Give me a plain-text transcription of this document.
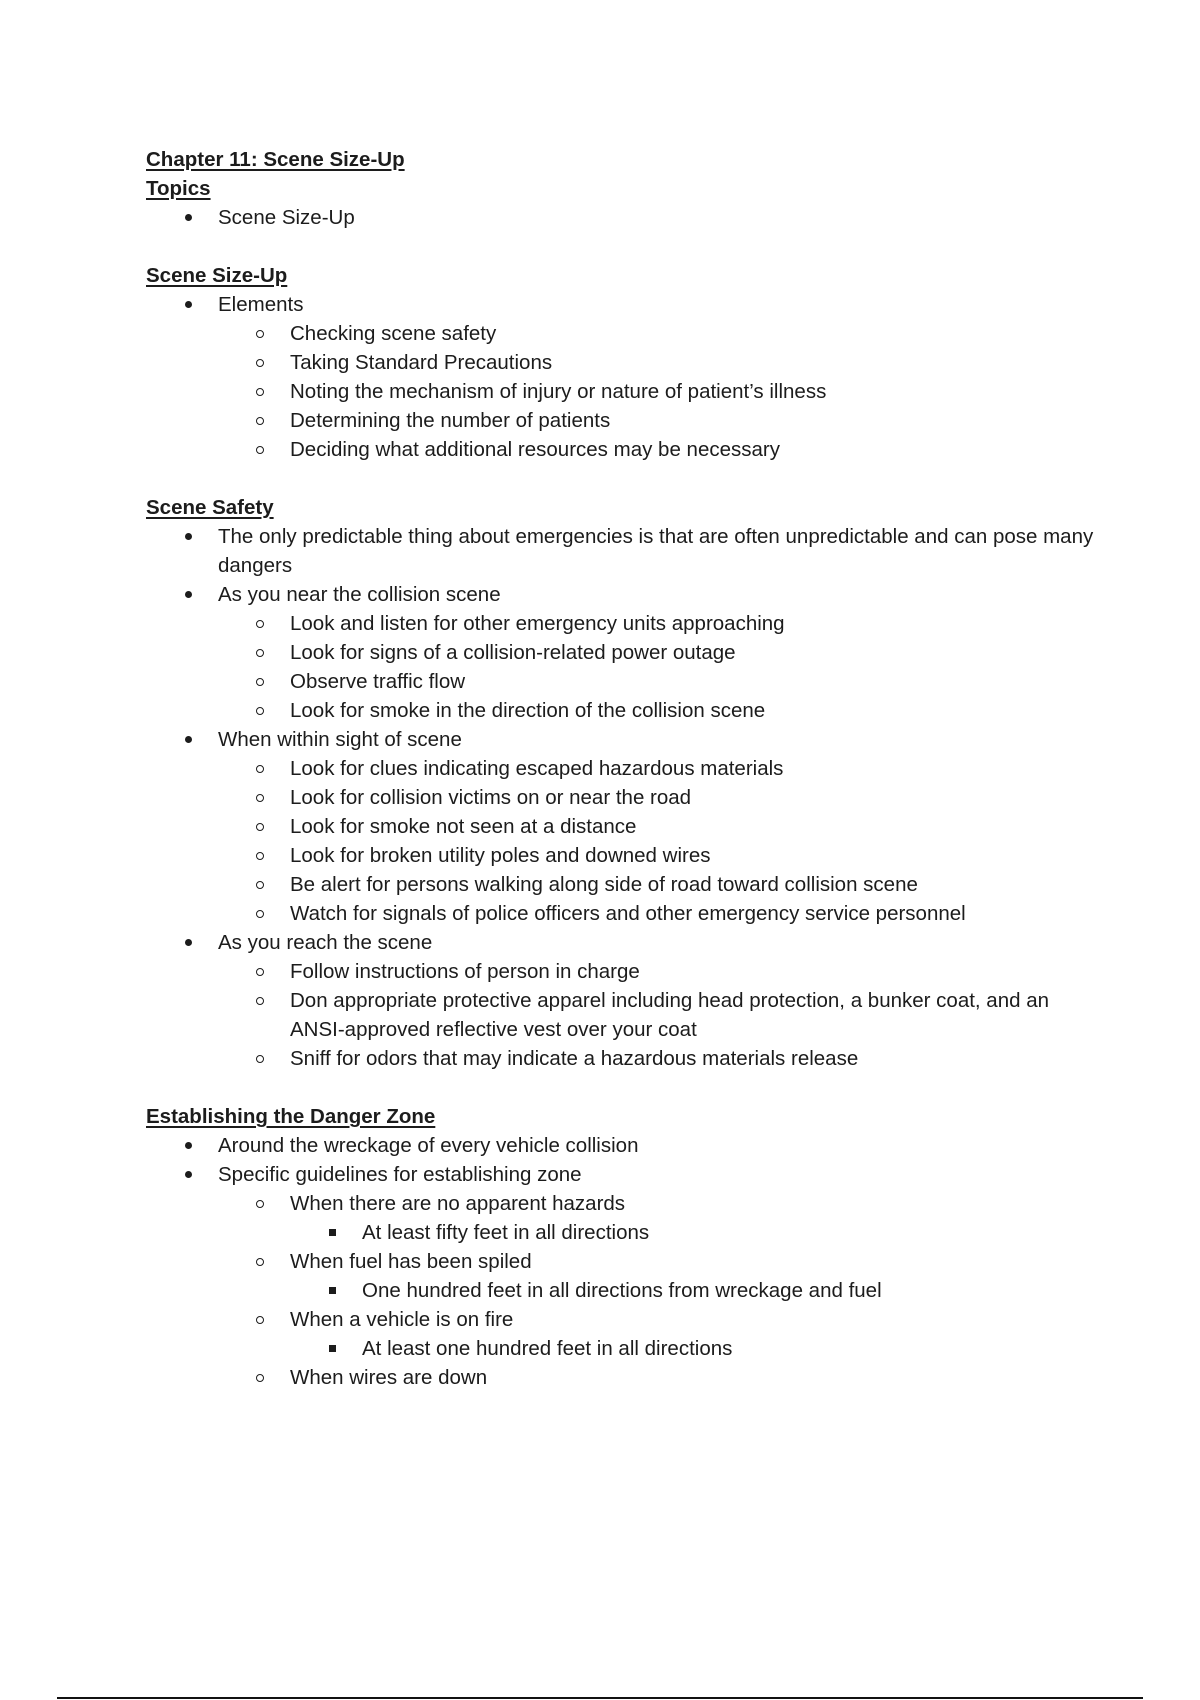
Chapter 11: Scene Size-Up
Topics
Scene Size-Up
Scene Size-Up
Elements
Checking scene safety
Taking Standard Precautions
Noting the mechanism of injury or nature of patient’s illness
Determining the number of patients
Deciding what additional resources may be necessary
Scene Safety
The only predictable thing about emergencies is that are often unpredictable and can pose many dangers
As you near the collision scene
Look and listen for other emergency units approaching
Look for signs of a collision-related power outage
Observe traffic flow
Look for smoke in the direction of the collision scene
When within sight of scene
Look for clues indicating escaped hazardous materials
Look for collision victims on or near the road
Look for smoke not seen at a distance
Look for broken utility poles and downed wires
Be alert for persons walking along side of road toward collision scene
Watch for signals of police officers and other emergency service personnel
As you reach the scene
Follow instructions of person in charge
Don appropriate protective apparel including head protection, a bunker coat, and an ANSI-approved reflective vest over your coat
Sniff for odors that may indicate a hazardous materials release
Establishing the Danger Zone
Around the wreckage of every vehicle collision
Specific guidelines for establishing zone
When there are no apparent hazards
At least fifty feet in all directions
When fuel has been spiled
One hundred feet in all directions from wreckage and fuel
When a vehicle is on fire
At least one hundred feet in all directions
When wires are down
